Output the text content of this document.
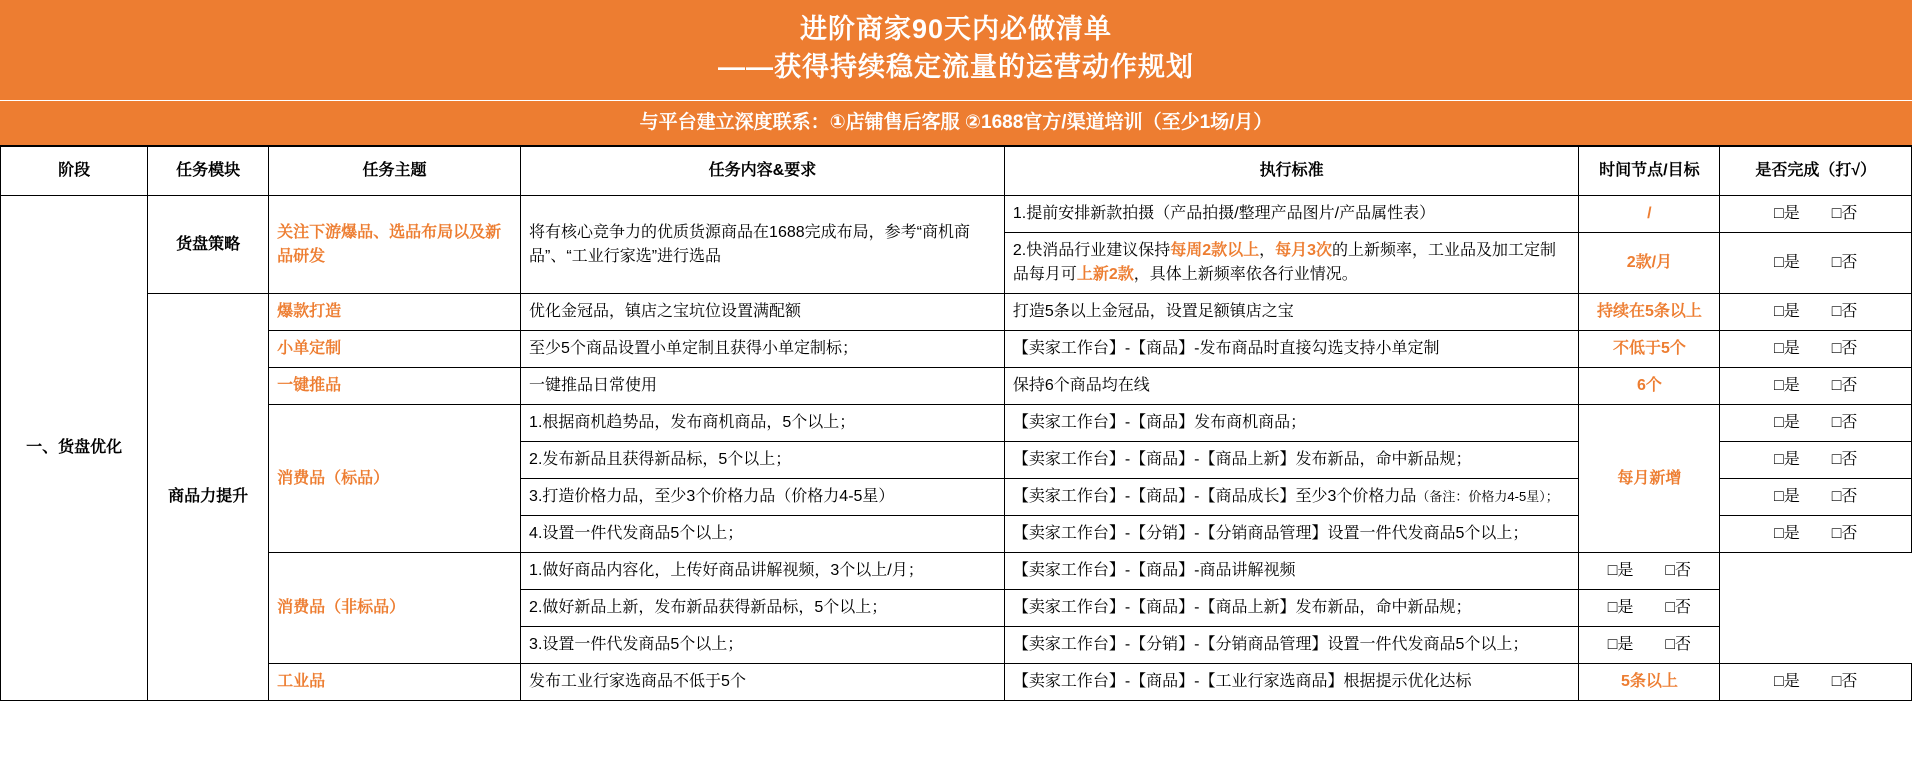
进阶商家90天内必做清单
——获得持续稳定流量的运营动作规划
与平台建立深度联系：①店铺售后客服 ②1688官方/渠道培训（至少1场/月）
阶段	任务模块	任务主题	任务内容&要求	执行标准	时间节点/目标	是否完成（打√）
一、货盘优化	货盘策略	关注下游爆品、选品布局以及新品研发	将有核心竞争力的优质货源商品在1688完成布局，参考“商机商品”、“工业行家选”进行选品	1.提前安排新款拍摄（产品拍摄/整理产品图片/产品属性表）	/	□是 □否
				2.快消品行业建议保持每周2款以上，每月3次的上新频率，工业品及加工定制品每月可上新2款，具体上新频率依各行业情况。	2款/月	□是 □否
	商品力提升	爆款打造	优化金冠品，镇店之宝坑位设置满配额	打造5条以上金冠品，设置足额镇店之宝	持续在5条以上	□是 □否
		小单定制	至少5个商品设置小单定制且获得小单定制标；	【卖家工作台】-【商品】-发布商品时直接勾选支持小单定制	不低于5个	□是 □否
		一键推品	一键推品日常使用	保持6个商品均在线	6个	□是 □否
		消费品（标品）	1.根据商机趋势品，发布商机商品，5个以上；	【卖家工作台】-【商品】发布商机商品；	每月新增	□是 □否
			2.发布新品且获得新品标，5个以上；	【卖家工作台】-【商品】-【商品上新】发布新品，命中新品规；		□是 □否
			3.打造价格力品，至少3个价格力品（价格力4-5星）	【卖家工作台】-【商品】-【商品成长】至少3个价格力品（备注：价格力4-5星）；		□是 □否
			4.设置一件代发商品5个以上；	【卖家工作台】-【分销】-【分销商品管理】设置一件代发商品5个以上；		□是 □否
		消费品（非标品）	1.做好商品内容化，上传好商品讲解视频，3个以上/月；	【卖家工作台】-【商品】-商品讲解视频	□是 □否	
			2.做好新品上新，发布新品获得新品标，5个以上；	【卖家工作台】-【商品】-【商品上新】发布新品，命中新品规；	□是 □否	
			3.设置一件代发商品5个以上；	【卖家工作台】-【分销】-【分销商品管理】设置一件代发商品5个以上；	□是 □否	
		工业品	发布工业行家选商品不低于5个	【卖家工作台】-【商品】-【工业行家选商品】根据提示优化达标	5条以上	□是 □否
